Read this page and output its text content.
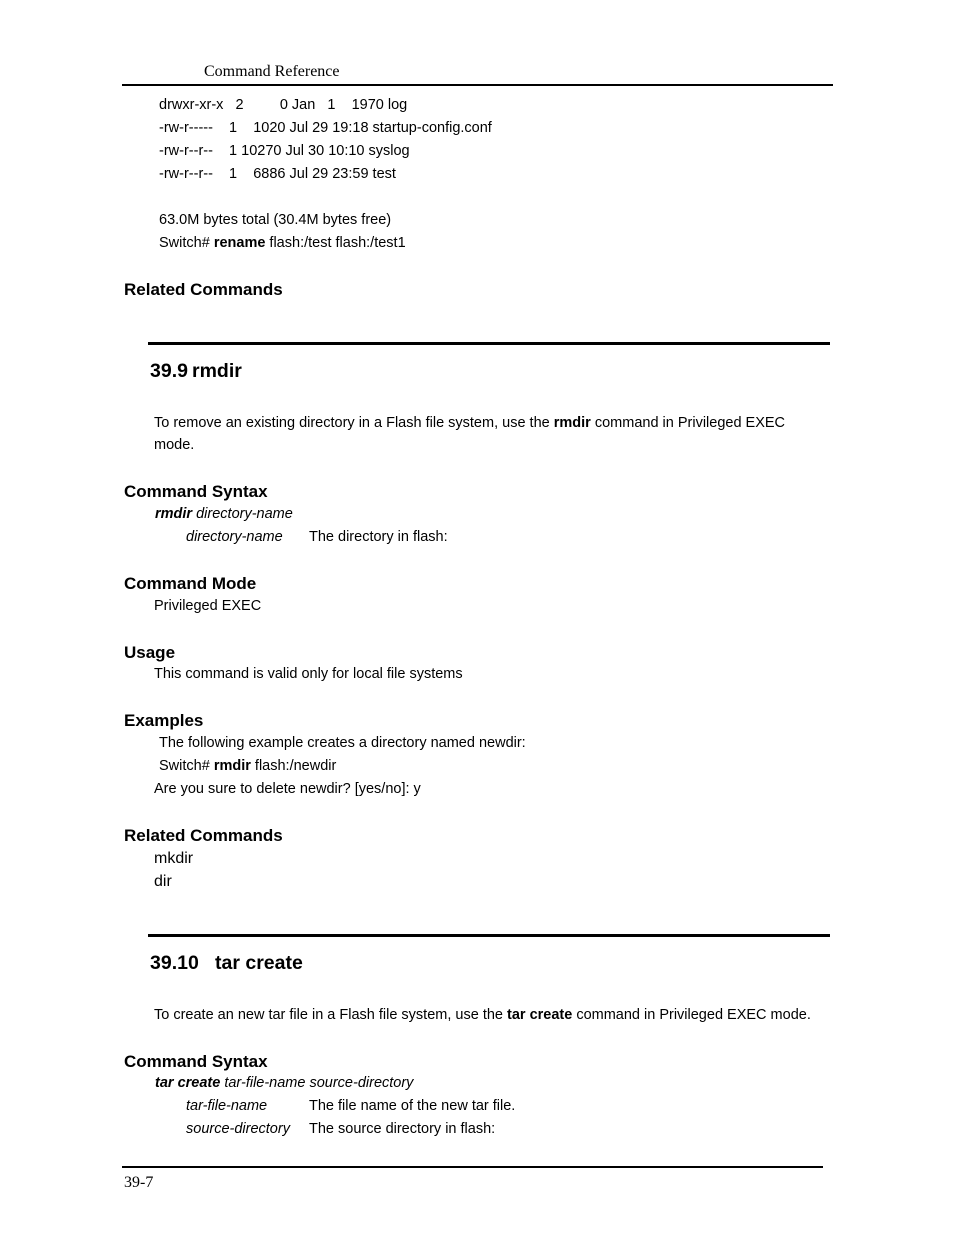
Command Reference
drwxr-xr-x   2         0 Jan   1    1970 log
-rw-r-----    1    1020 Jul 29 19:18 startup-config.conf
-rw-r--r--    1 10270 Jul 30 10:10 syslog
-rw-r--r--    1    6886 Jul 29 23:59 test
63.0M bytes total (30.4M bytes free)
Switch# rename flash:/test flash:/test1
Related Commands
39.9 rmdir
To remove an existing directory in a Flash file system, use the rmdir command in Privileged EXEC
mode.
Command Syntax
rmdir directory-name
directory-name The directory in flash:
Command Mode
Privileged EXEC
Usage
This command is valid only for local file systems
Examples
The following example creates a directory named newdir:
Switch# rmdir flash:/newdir
Are you sure to delete newdir? [yes/no]: y
Related Commands
mkdir
dir
39.10 tar create
To create an new tar file in a Flash file system, use the tar create command in Privileged EXEC mode.
Command Syntax
tar create tar-file-name source-directory
tar-file-name	The file name of the new tar file.
source-directory The source directory in flash:
39-7
